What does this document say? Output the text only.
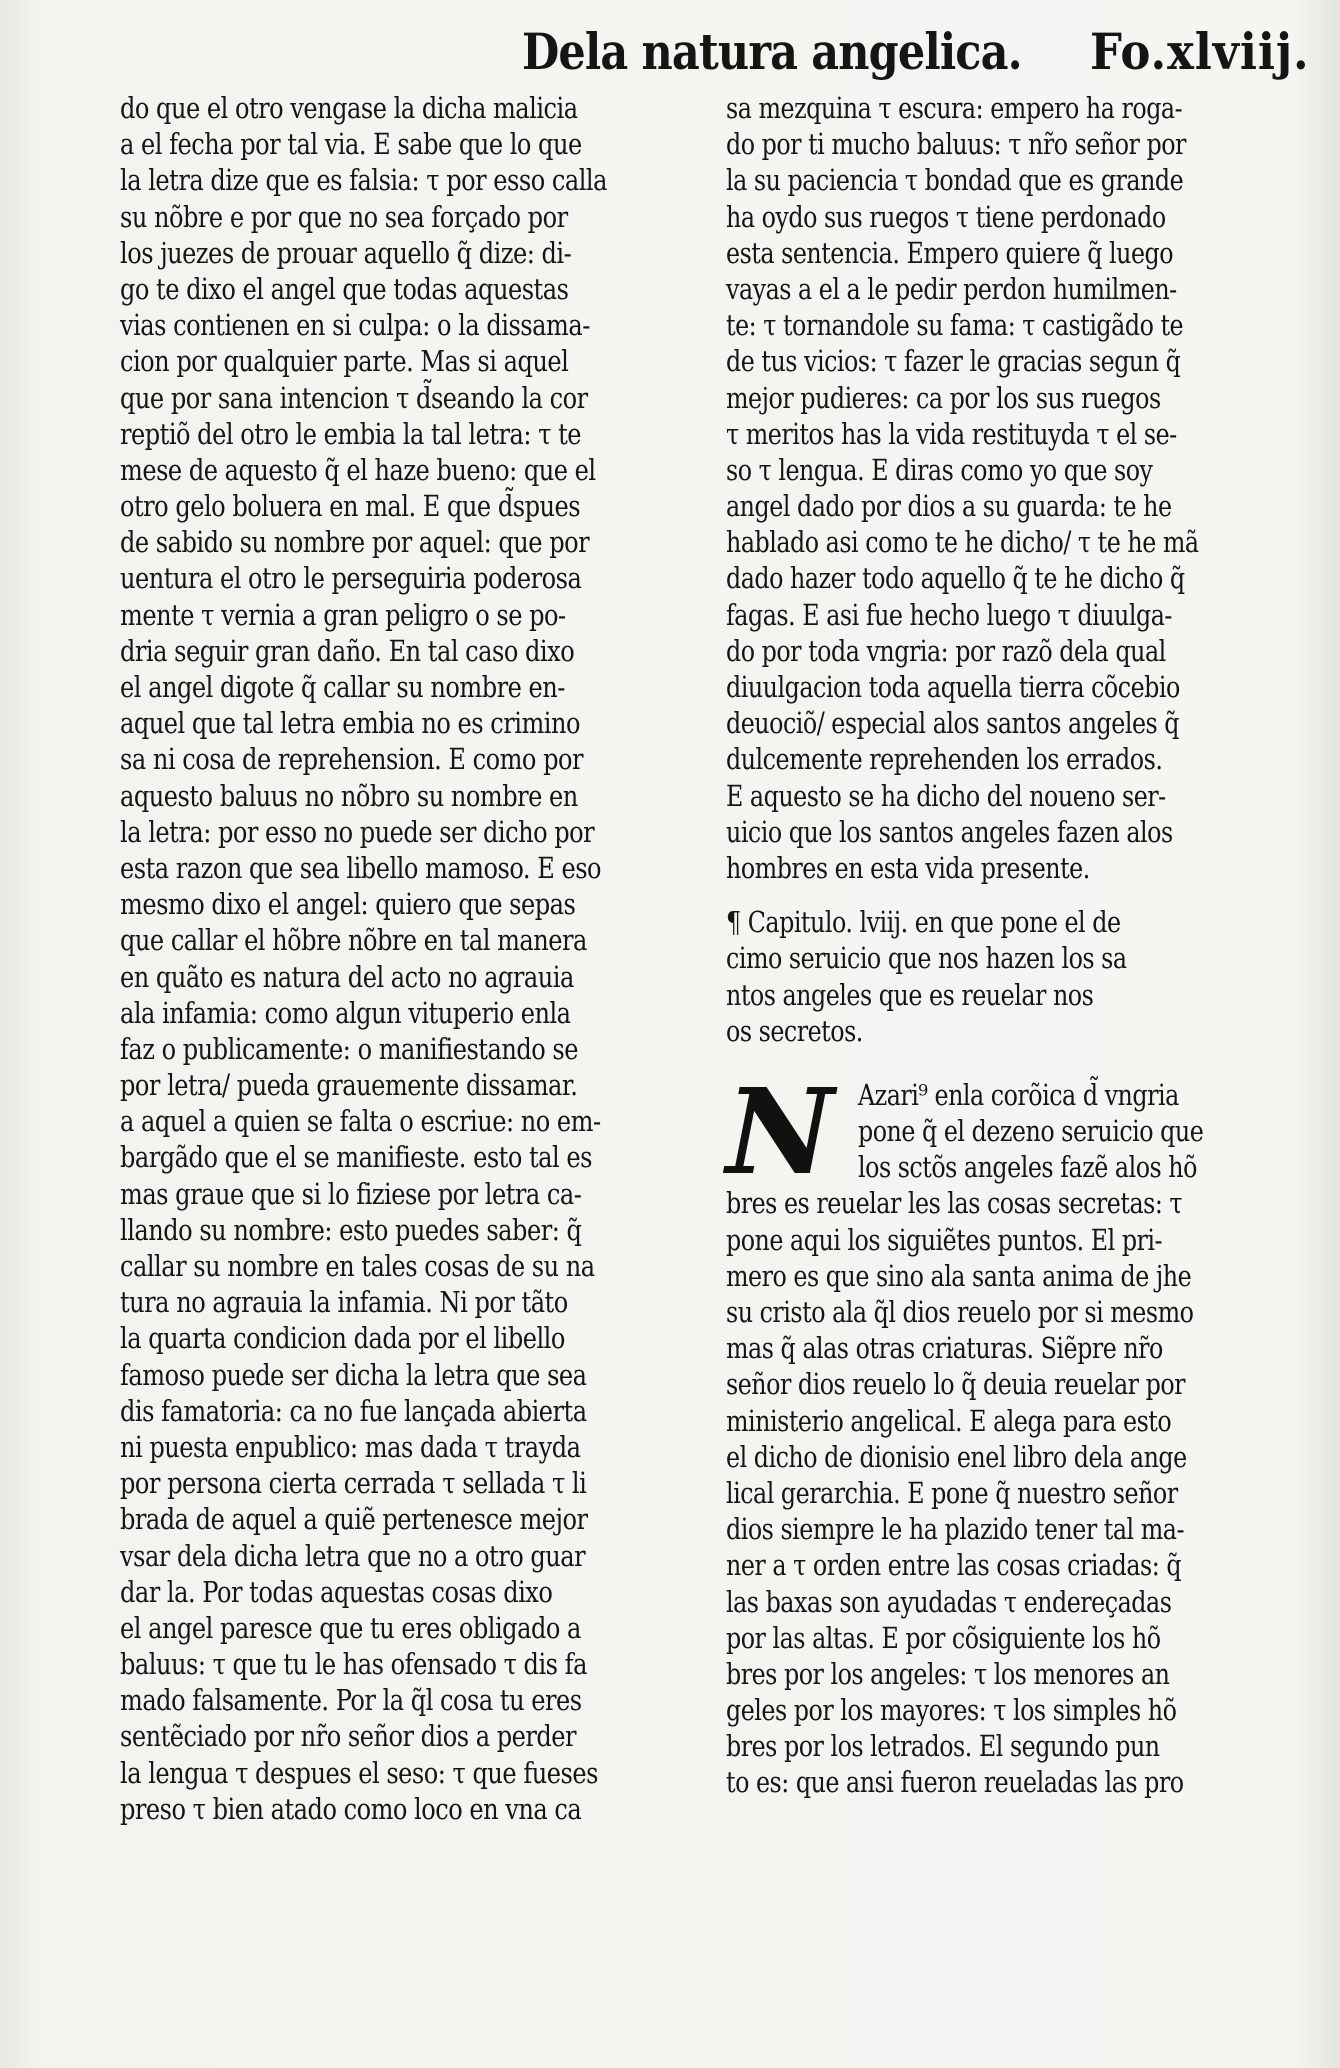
Dela natura angelica. Fo.xlviij.
do que el otro vengase la dicha malicia
a el fecha por tal via. E sabe que lo que
la letra dize que es falsia: τ por esso calla
su nõbre e por que no sea forçado por
los juezes de prouar aquello q̃ dize: di-
go te dixo el angel que todas aquestas
vias contienen en si culpa: o la dissama-
cion por qualquier parte. Mas si aquel
que por sana intencion τ d̃seando la cor
reptiõ del otro le embia la tal letra: τ te
mese de aquesto q̃ el haze bueno: que el
otro gelo boluera en mal. E que d̃spues
de sabido su nombre por aquel: que por
uentura el otro le perseguiria poderosa
mente τ vernia a gran peligro o se po-
dria seguir gran daño. En tal caso dixo
el angel digote q̃ callar su nombre en-
aquel que tal letra embia no es crimino
sa ni cosa de reprehension. E como por
aquesto baluus no nõbro su nombre en
la letra: por esso no puede ser dicho por
esta razon que sea libello mamoso. E eso
mesmo dixo el angel: quiero que sepas
que callar el hõbre nõbre en tal manera
en quãto es natura del acto no agrauia
ala infamia: como algun vituperio enla
faz o publicamente: o manifiestando se
por letra/ pueda grauemente dissamar.
a aquel a quien se falta o escriue: no em-
bargãdo que el se manifieste. esto tal es
mas graue que si lo fiziese por letra ca-
llando su nombre: esto puedes saber: q̃
callar su nombre en tales cosas de su na
tura no agrauia la infamia. Ni por tãto
la quarta condicion dada por el libello
famoso puede ser dicha la letra que sea
dis famatoria: ca no fue lançada abierta
ni puesta enpublico: mas dada τ trayda
por persona cierta cerrada τ sellada τ li
brada de aquel a quiẽ pertenesce mejor
vsar dela dicha letra que no a otro guar
dar la. Por todas aquestas cosas dixo
el angel paresce que tu eres obligado a
baluus: τ que tu le has ofensado τ dis fa
mado falsamente. Por la q̃l cosa tu eres
sentẽciado por nr̃o señor dios a perder
la lengua τ despues el seso: τ que fueses
preso τ bien atado como loco en vna ca
sa mezquina τ escura: empero ha roga-
do por ti mucho baluus: τ nr̃o señor por
la su paciencia τ bondad que es grande
ha oydo sus ruegos τ tiene perdonado
esta sentencia. Empero quiere q̃ luego
vayas a el a le pedir perdon humilmen-
te: τ tornandole su fama: τ castigãdo te
de tus vicios: τ fazer le gracias segun q̃
mejor pudieres: ca por los sus ruegos
τ meritos has la vida restituyda τ el se-
so τ lengua. E diras como yo que soy
angel dado por dios a su guarda: te he
hablado asi como te he dicho/ τ te he mã
dado hazer todo aquello q̃ te he dicho q̃
fagas. E asi fue hecho luego τ diuulga-
do por toda vngria: por razõ dela qual
diuulgacion toda aquella tierra cõcebio
deuociõ/ especial alos santos angeles q̃
dulcemente reprehenden los errados.
E aquesto se ha dicho del noueno ser-
uicio que los santos angeles fazen alos
hombres en esta vida presente.
¶ Capitulo. lviij. en que pone el de
cimo seruicio que nos hazen los sa
ntos angeles que es reuelar nos
os secretos.
N Azari⁹ enla corõica d̃ vngria
pone q̃ el dezeno seruicio que
los sctõs angeles fazẽ alos hõ
bres es reuelar les las cosas secretas: τ
pone aqui los siguiẽtes puntos. El pri-
mero es que sino ala santa anima de jhe
su cristo ala q̃l dios reuelo por si mesmo
mas q̃ alas otras criaturas. Siẽpre nr̃o
señor dios reuelo lo q̃ deuia reuelar por
ministerio angelical. E alega para esto
el dicho de dionisio enel libro dela ange
lical gerarchia. E pone q̃ nuestro señor
dios siempre le ha plazido tener tal ma-
ner a τ orden entre las cosas criadas: q̃
las baxas son ayudadas τ endereçadas
por las altas. E por cõsiguiente los hõ
bres por los angeles: τ los menores an
geles por los mayores: τ los simples hõ
bres por los letrados. El segundo pun
to es: que ansi fueron reueladas las pro
